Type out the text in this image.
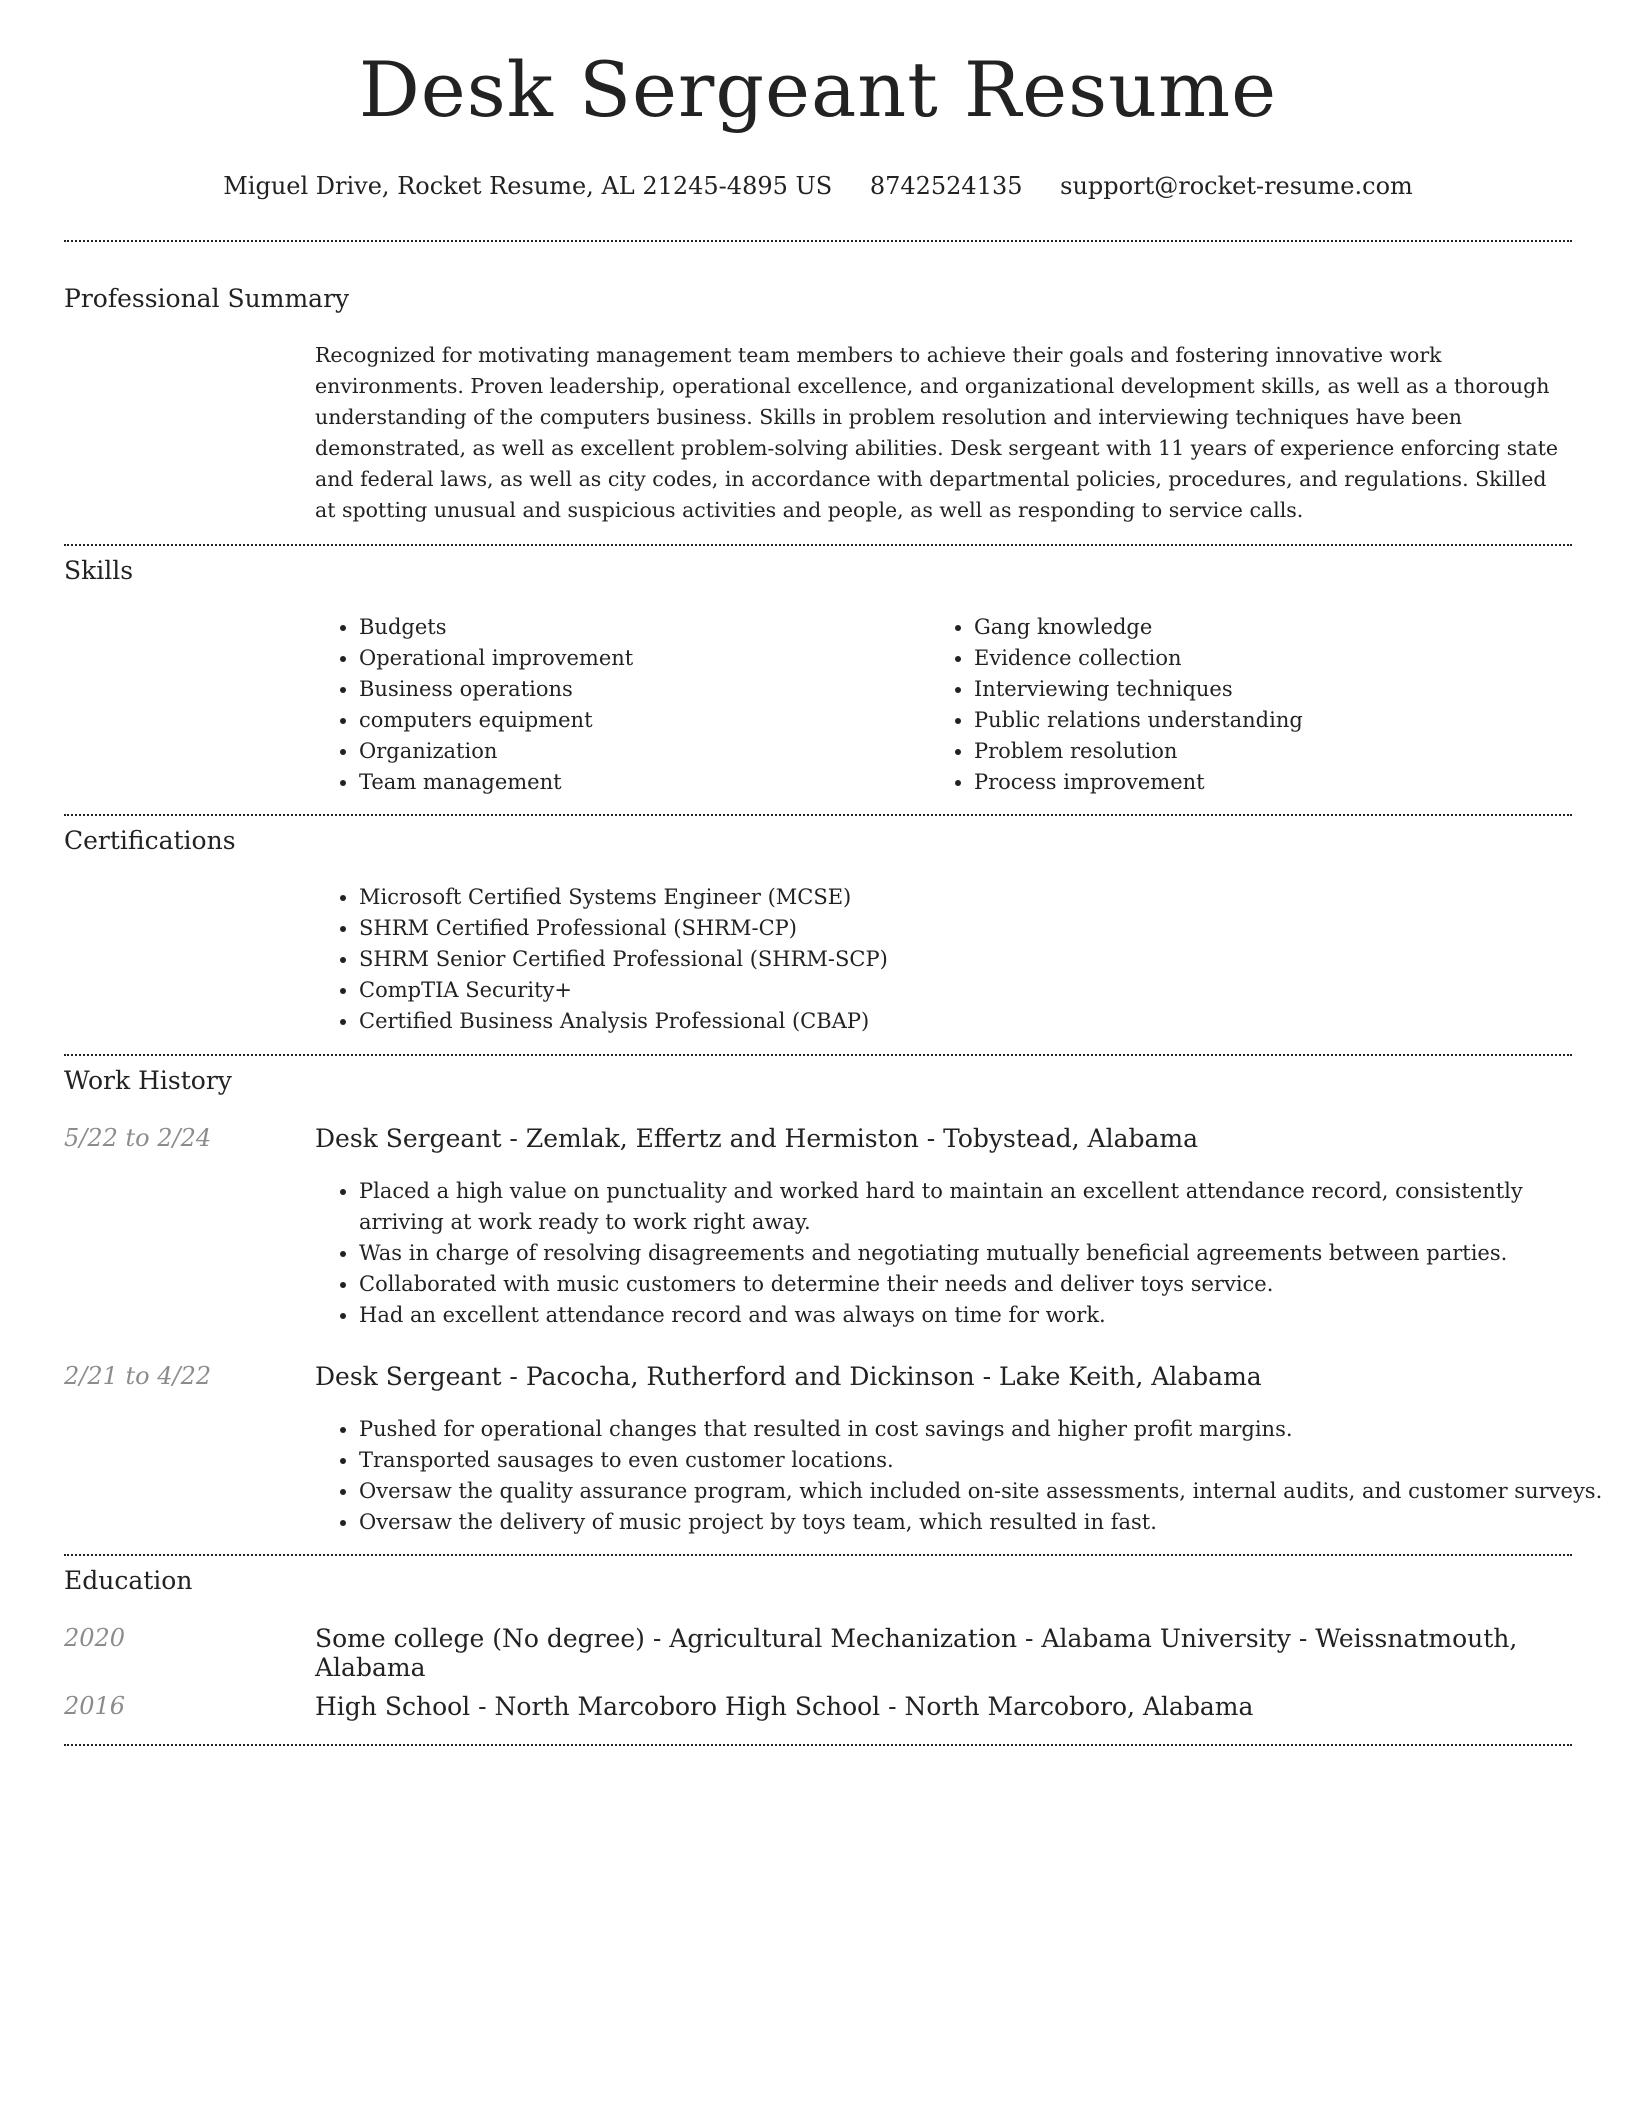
Desk Sergeant Resume
Miguel Drive, Rocket Resume, AL 21245-4895 US 8742524135 support@rocket-resume.com
Professional Summary

Recognized for motivating management team members to achieve their goals and fostering innovative work environments. Proven leadership, operational excellence, and organizational development skills, as well as a thorough understanding of the computers business. Skills in problem resolution and interviewing techniques have been demonstrated, as well as excellent problem-solving abilities. Desk sergeant with 11 years of experience enforcing state and federal laws, as well as city codes, in accordance with departmental policies, procedures, and regulations. Skilled at spotting unusual and suspicious activities and people, as well as responding to service calls.

Skills
• Budgets
• Operational improvement
• Business operations
• computers equipment
• Organization
• Team management
• Gang knowledge
• Evidence collection
• Interviewing techniques
• Public relations understanding
• Problem resolution
• Process improvement
Certifications
• Microsoft Certified Systems Engineer (MCSE)
• SHRM Certified Professional (SHRM-CP)
• SHRM Senior Certified Professional (SHRM-SCP)
• CompTIA Security+
• Certified Business Analysis Professional (CBAP)
Work History
5/22 to 2/24	Desk Sergeant - Zemlak, Effertz and Hermiston - Tobystead, Alabama
• Placed a high value on punctuality and worked hard to maintain an excellent attendance record, consistently arriving at work ready to work right away.
• Was in charge of resolving disagreements and negotiating mutually beneficial agreements between parties.
• Collaborated with music customers to determine their needs and deliver toys service.
• Had an excellent attendance record and was always on time for work.
2/21 to 4/22	Desk Sergeant - Pacocha, Rutherford and Dickinson - Lake Keith, Alabama
• Pushed for operational changes that resulted in cost savings and higher profit margins.
• Transported sausages to even customer locations.
• Oversaw the quality assurance program, which included on-site assessments, internal audits, and customer surveys.
• Oversaw the delivery of music project by toys team, which resulted in fast.
Education
2020	Some college (No degree) - Agricultural Mechanization - Alabama University - Weissnatmouth, Alabama
2016	High School - North Marcoboro High School - North Marcoboro, Alabama
